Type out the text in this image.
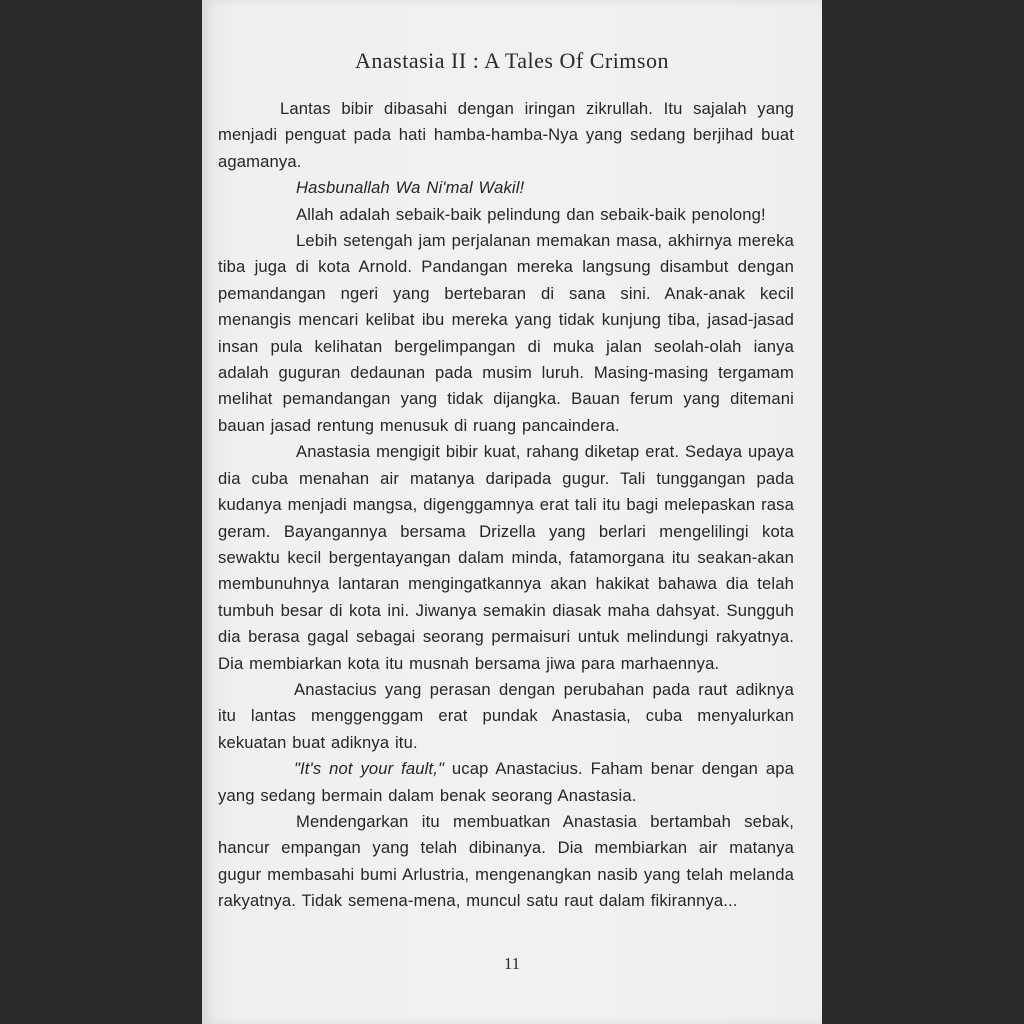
Anastasia II : A Tales Of Crimson

Lantas bibir dibasahi dengan iringan zikrullah. Itu sajalah yang menjadi penguat pada hati hamba-hamba-Nya yang sedang berjihad buat agamanya.

Hasbunallah Wa Ni'mal Wakil!

Allah adalah sebaik-baik pelindung dan sebaik-baik penolong!

Lebih setengah jam perjalanan memakan masa, akhirnya mereka tiba juga di kota Arnold. Pandangan mereka langsung disambut dengan pemandangan ngeri yang bertebaran di sana sini. Anak-anak kecil menangis mencari kelibat ibu mereka yang tidak kunjung tiba, jasad-jasad insan pula kelihatan bergelimpangan di muka jalan seolah-olah ianya adalah guguran dedaunan pada musim luruh. Masing-masing tergamam melihat pemandangan yang tidak dijangka. Bauan ferum yang ditemani bauan jasad rentung menusuk di ruang pancaindera.

Anastasia mengigit bibir kuat, rahang diketap erat. Sedaya upaya dia cuba menahan air matanya daripada gugur. Tali tunggangan pada kudanya menjadi mangsa, digenggamnya erat tali itu bagi melepaskan rasa geram. Bayangannya bersama Drizella yang berlari mengelilingi kota sewaktu kecil bergentayangan dalam minda, fatamorgana itu seakan-akan membunuhnya lantaran mengingatkannya akan hakikat bahawa dia telah tumbuh besar di kota ini. Jiwanya semakin diasak maha dahsyat. Sungguh dia berasa gagal sebagai seorang permaisuri untuk melindungi rakyatnya. Dia membiarkan kota itu musnah bersama jiwa para marhaennya.

Anastacius yang perasan dengan perubahan pada raut adiknya itu lantas menggenggam erat pundak Anastasia, cuba menyalurkan kekuatan buat adiknya itu.

"It's not your fault," ucap Anastacius. Faham benar dengan apa yang sedang bermain dalam benak seorang Anastasia.

Mendengarkan itu membuatkan Anastasia bertambah sebak, hancur empangan yang telah dibinanya. Dia membiarkan air matanya gugur membasahi bumi Arlustria, mengenangkan nasib yang telah melanda rakyatnya. Tidak semena-mena, muncul satu raut dalam fikirannya...

11
